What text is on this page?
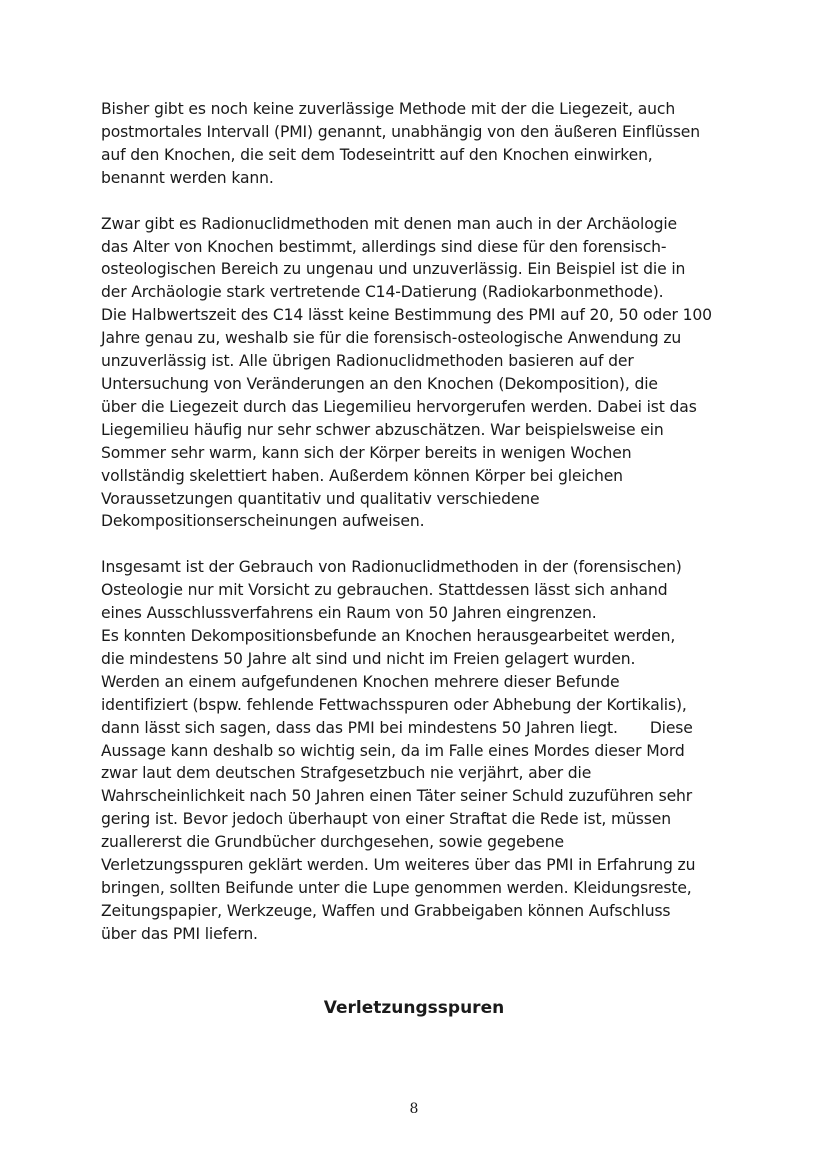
Bisher gibt es noch keine zuverlässige Methode mit der die Liegezeit, auch
postmortales Intervall (PMI) genannt, unabhängig von den äußeren Einflüssen
auf den Knochen, die seit dem Todeseintritt auf den Knochen einwirken,
benannt werden kann.

Zwar gibt es Radionuclidmethoden mit denen man auch in der Archäologie
das Alter von Knochen bestimmt, allerdings sind diese für den forensisch-
osteologischen Bereich zu ungenau und unzuverlässig. Ein Beispiel ist die in
der Archäologie stark vertretende C14-Datierung (Radiokarbonmethode).
Die Halbwertszeit des C14 lässt keine Bestimmung des PMI auf 20, 50 oder 100
Jahre genau zu, weshalb sie für die forensisch-osteologische Anwendung zu
unzuverlässig ist. Alle übrigen Radionuclidmethoden basieren auf der
Untersuchung von Veränderungen an den Knochen (Dekomposition), die
über die Liegezeit durch das Liegemilieu hervorgerufen werden. Dabei ist das
Liegemilieu häufig nur sehr schwer abzuschätzen. War beispielsweise ein
Sommer sehr warm, kann sich der Körper bereits in wenigen Wochen
vollständig skelettiert haben. Außerdem können Körper bei gleichen
Voraussetzungen quantitativ und qualitativ verschiedene
Dekompositionserscheinungen aufweisen.

Insgesamt ist der Gebrauch von Radionuclidmethoden in der (forensischen)
Osteologie nur mit Vorsicht zu gebrauchen. Stattdessen lässt sich anhand
eines Ausschlussverfahrens ein Raum von 50 Jahren eingrenzen.
Es konnten Dekompositionsbefunde an Knochen herausgearbeitet werden,
die mindestens 50 Jahre alt sind und nicht im Freien gelagert wurden.
Werden an einem aufgefundenen Knochen mehrere dieser Befunde
identifiziert (bspw. fehlende Fettwachsspuren oder Abhebung der Kortikalis),
dann lässt sich sagen, dass das PMI bei mindestens 50 Jahren liegt. Diese
Aussage kann deshalb so wichtig sein, da im Falle eines Mordes dieser Mord
zwar laut dem deutschen Strafgesetzbuch nie verjährt, aber die
Wahrscheinlichkeit nach 50 Jahren einen Täter seiner Schuld zuzuführen sehr
gering ist. Bevor jedoch überhaupt von einer Straftat die Rede ist, müssen
zuallererst die Grundbücher durchgesehen, sowie gegebene
Verletzungsspuren geklärt werden. Um weiteres über das PMI in Erfahrung zu
bringen, sollten Beifunde unter die Lupe genommen werden. Kleidungsreste,
Zeitungspapier, Werkzeuge, Waffen und Grabbeigaben können Aufschluss
über das PMI liefern.

Verletzungsspuren
8
